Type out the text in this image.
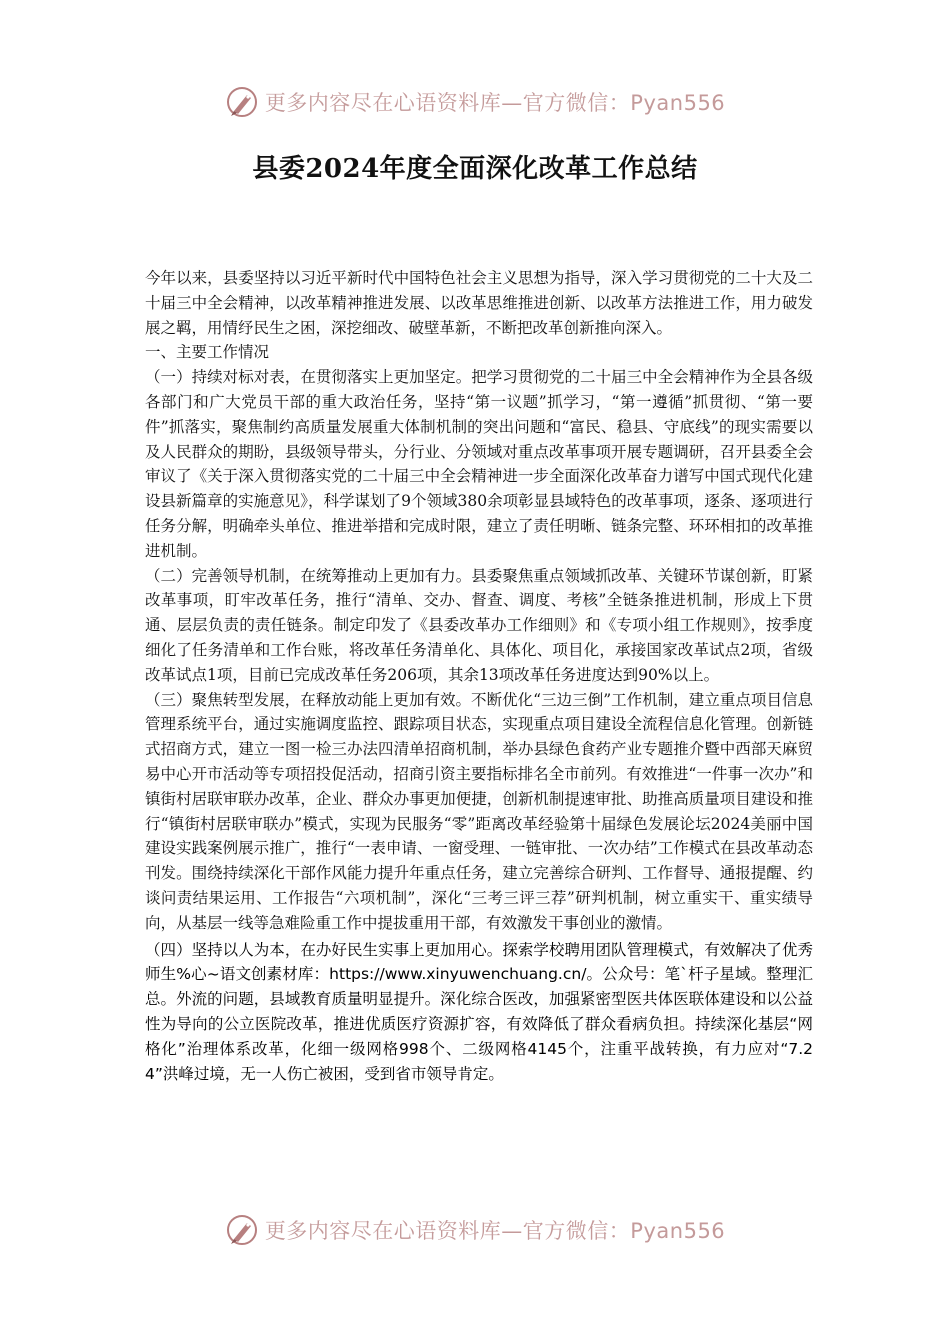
更多内容尽在心语资料库—官方微信：Pyan556
县委2024年度全面深化改革工作总结

今年以来，县委坚持以习近平新时代中国特色社会主义思想为指导，深入学习贯彻党的二十大及二十届三中全会精神，以改革精神推进发展、以改革思维推进创新、以改革方法推进工作，用力破发展之羁，用情纾民生之困，深挖细改、破壁革新，不断把改革创新推向深入。

一、主要工作情况

（一）持续对标对表，在贯彻落实上更加坚定。把学习贯彻党的二十届三中全会精神作为全县各级各部门和广大党员干部的重大政治任务，坚持“第一议题”抓学习，“第一遵循”抓贯彻、“第一要件”抓落实，聚焦制约高质量发展重大体制机制的突出问题和“富民、稳县、守底线”的现实需要以及人民群众的期盼，县级领导带头，分行业、分领域对重点改革事项开展专题调研，召开县委全会审议了《关于深入贯彻落实党的二十届三中全会精神进一步全面深化改革奋力谱写中国式现代化建设县新篇章的实施意见》，科学谋划了9个领域380余项彰显县域特色的改革事项，逐条、逐项进行任务分解，明确牵头单位、推进举措和完成时限，建立了责任明晰、链条完整、环环相扣的改革推进机制。

（二）完善领导机制，在统筹推动上更加有力。县委聚焦重点领域抓改革、关键环节谋创新，盯紧改革事项，盯牢改革任务，推行“清单、交办、督查、调度、考核”全链条推进机制，形成上下贯通、层层负责的责任链条。制定印发了《县委改革办工作细则》和《专项小组工作规则》，按季度细化了任务清单和工作台账，将改革任务清单化、具体化、项目化，承接国家改革试点2项，省级改革试点1项，目前已完成改革任务206项，其余13项改革任务进度达到90%以上。

（三）聚焦转型发展，在释放动能上更加有效。不断优化“三边三倒”工作机制，建立重点项目信息管理系统平台，通过实施调度监控、跟踪项目状态，实现重点项目建设全流程信息化管理。创新链式招商方式，建立一图一检三办法四清单招商机制，举办县绿色食药产业专题推介暨中西部天麻贸易中心开市活动等专项招投促活动，招商引资主要指标排名全市前列。有效推进“一件事一次办”和镇街村居联审联办改革，企业、群众办事更加便捷，创新机制提速审批、助推高质量项目建设和推行“镇街村居联审联办”模式，实现为民服务“零”距离改革经验第十届绿色发展论坛2024美丽中国建设实践案例展示推广，推行“一表申请、一窗受理、一链审批、一次办结”工作模式在县改革动态刊发。围绕持续深化干部作风能力提升年重点任务，建立完善综合研判、工作督导、通报提醒、约谈问责结果运用、工作报告“六项机制”，深化“三考三评三荐”研判机制，树立重实干、重实绩导向，从基层一线等急难险重工作中提拔重用干部，有效激发干事创业的激情。

（四）坚持以人为本，在办好民生实事上更加用心。探索学校聘用团队管理模式，有效解决了优秀师生%心~语文创素材库：https://www.xinyuwenchuang.cn/。公众号：笔`杆子星域。整理汇总。外流的问题，县域教育质量明显提升。深化综合医改，加强紧密型医共体医联体建设和以公益性为导向的公立医院改革，推进优质医疗资源扩容，有效降低了群众看病负担。持续深化基层“网格化”治理体系改革，化细一级网格998个、二级网格4145个，注重平战转换，有力应对“7.24”洪峰过境，无一人伤亡被困，受到省市领导肯定。

更多内容尽在心语资料库—官方微信：Pyan556
